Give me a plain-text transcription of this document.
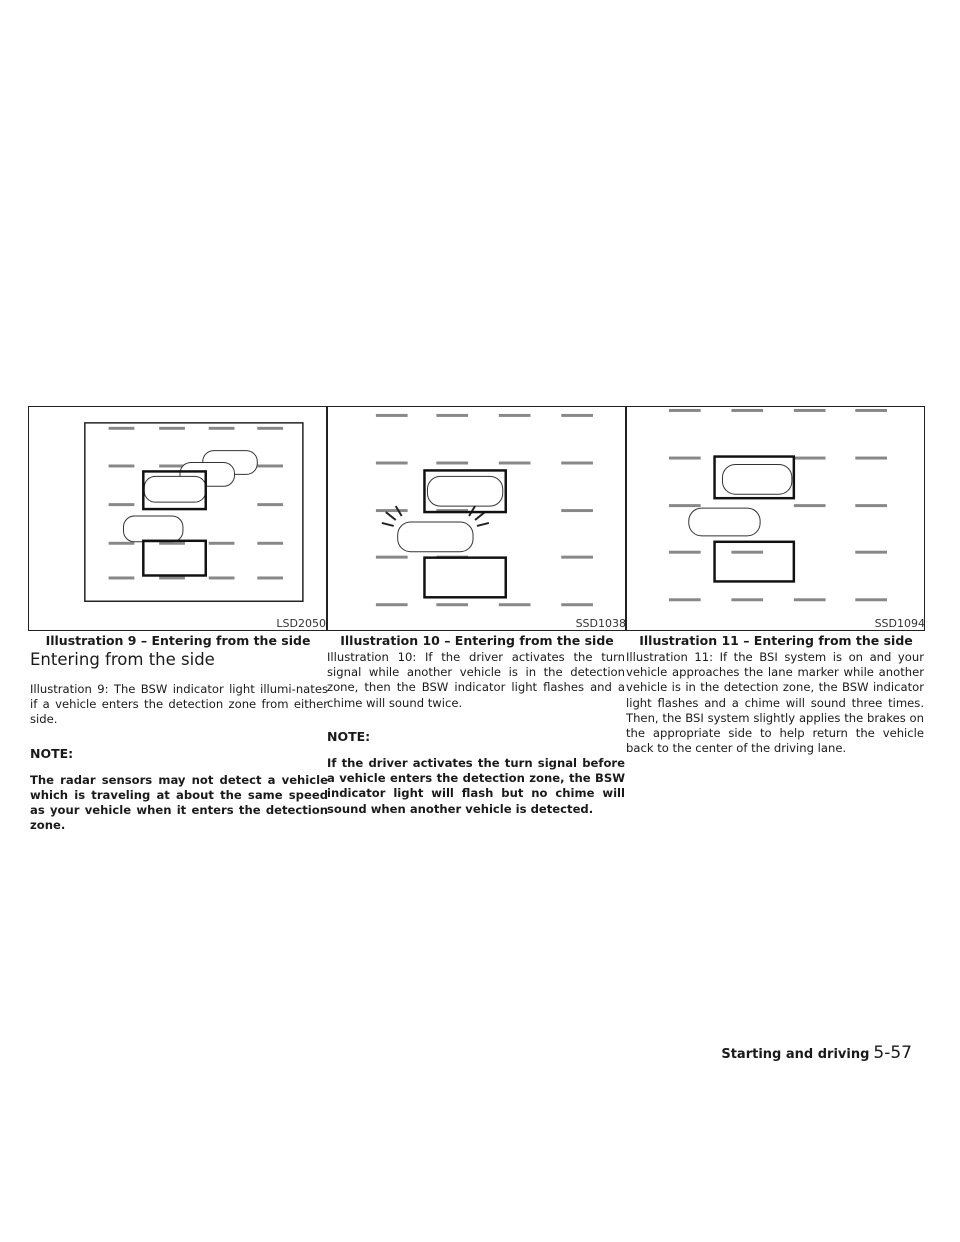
LSD2050
Illustration 9 – Entering from the side
SSD1038
Illustration 10 – Entering from the side
SSD1094
Illustration 11 – Entering from the side
Entering from the side

Illustration 9: The BSW indicator light illumi-nates if a vehicle enters the detection zone from either side.

NOTE:

The radar sensors may not detect a vehicle which is traveling at about the same speed as your vehicle when it enters the detection zone.

Illustration 10: If the driver activates the turn signal while another vehicle is in the detection zone, then the BSW indicator light flashes and a chime will sound twice.

NOTE:

If the driver activates the turn signal before a vehicle enters the detection zone, the BSW indicator light will flash but no chime will sound when another vehicle is detected.

Illustration 11: If the BSI system is on and your vehicle approaches the lane marker while another vehicle is in the detection zone, the BSW indicator light flashes and a chime will sound three times. Then, the BSI system slightly applies the brakes on the appropriate side to help return the vehicle back to the center of the driving lane.

Starting and driving 5-57
